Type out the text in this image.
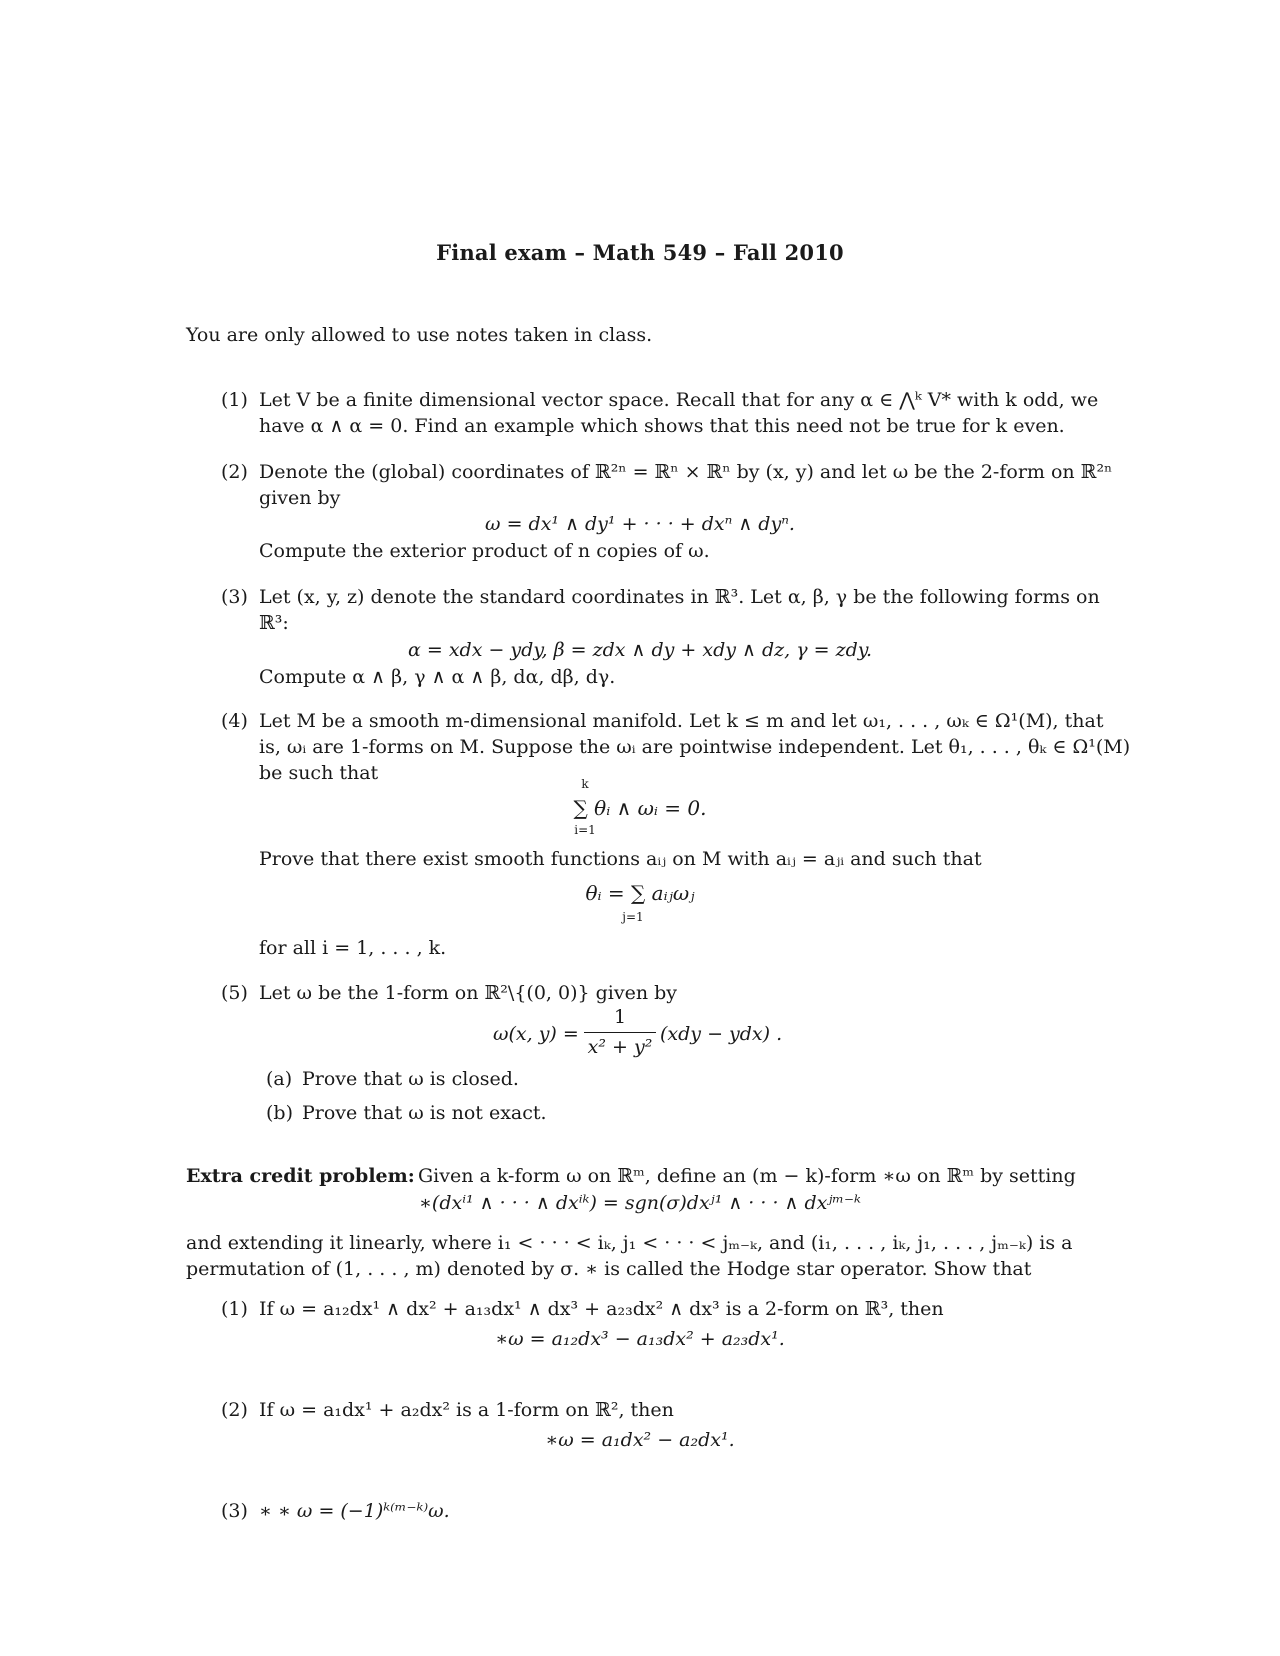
Final exam – Math 549 – Fall 2010
You are only allowed to use notes taken in class.
(1) Let V be a finite dimensional vector space. Recall that for any α ∈ ⋀ᵏ V* with k odd, we
have α ∧ α = 0. Find an example which shows that this need not be true for k even.
(2) Denote the (global) coordinates of ℝ²ⁿ = ℝⁿ × ℝⁿ by (x, y) and let ω be the 2-form on ℝ²ⁿ
given by
ω = dx¹ ∧ dy¹ + · · · + dxⁿ ∧ dyⁿ.
Compute the exterior product of n copies of ω.
(3) Let (x, y, z) denote the standard coordinates in ℝ³. Let α, β, γ be the following forms on
ℝ³:
α = xdx − ydy, β = zdx ∧ dy + xdy ∧ dz, γ = zdy.
Compute α ∧ β, γ ∧ α ∧ β, dα, dβ, dγ.
(4) Let M be a smooth m-dimensional manifold. Let k ≤ m and let ω₁, . . . , ωₖ ∈ Ω¹(M), that
is, ωᵢ are 1-forms on M. Suppose the ωᵢ are pointwise independent. Let θ₁, . . . , θₖ ∈ Ω¹(M)
be such that	k
∑ θᵢ ∧ ωᵢ = 0.
i=1
Prove that there exist smooth functions aᵢⱼ on M with aᵢⱼ = aⱼᵢ and such that
θᵢ = ∑ aᵢⱼωⱼ
j=1
for all i = 1, . . . , k.
(5) Let ω be the 1-form on ℝ²\{(0, 0)} given by
ω(x, y) =
1
x² + y²
(xdy − ydx) .
(a) Prove that ω is closed.
(b) Prove that ω is not exact.
Extra credit problem: Given a k-form ω on ℝᵐ, define an (m − k)-form ∗ω on ℝᵐ by setting
∗(dxⁱ¹ ∧ · · · ∧ dxⁱᵏ) = sgn(σ)dxʲ¹ ∧ · · · ∧ dxʲᵐ⁻ᵏ
and extending it linearly, where i₁ < · · · < iₖ, j₁ < · · · < jₘ₋ₖ, and (i₁, . . . , iₖ, j₁, . . . , jₘ₋ₖ) is a
permutation of (1, . . . , m) denoted by σ. ∗ is called the Hodge star operator. Show that
(1) If ω = a₁₂dx¹ ∧ dx² + a₁₃dx¹ ∧ dx³ + a₂₃dx² ∧ dx³ is a 2-form on ℝ³, then
∗ω = a₁₂dx³ − a₁₃dx² + a₂₃dx¹.
(2) If ω = a₁dx¹ + a₂dx² is a 1-form on ℝ², then
∗ω = a₁dx² − a₂dx¹.
(3) ∗ ∗ ω = (−1)ᵏ⁽ᵐ⁻ᵏ⁾ω.
